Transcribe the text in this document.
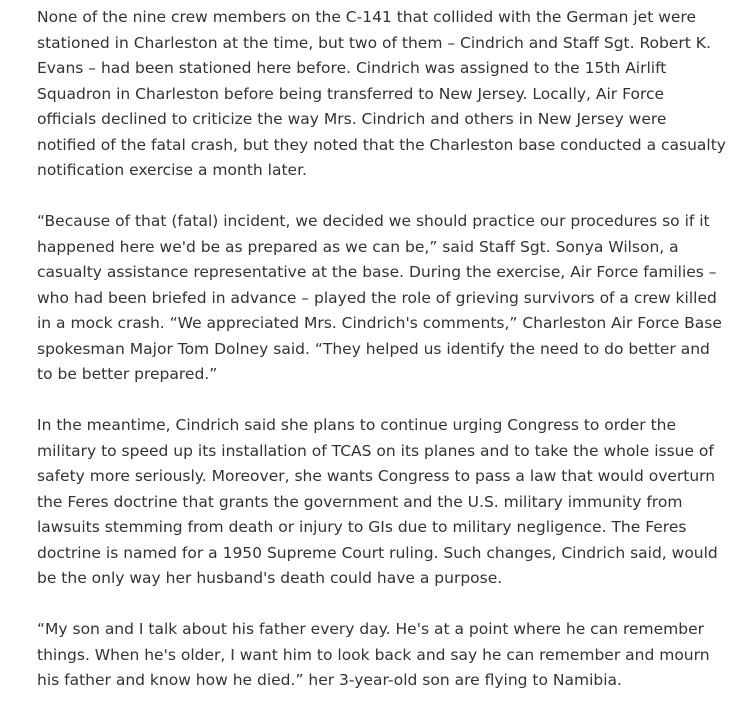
None of the nine crew members on the C-141 that collided with the German jet were stationed in Charleston at the time, but two of them – Cindrich and Staff Sgt. Robert K. Evans – had been stationed here before. Cindrich was assigned to the 15th Airlift Squadron in Charleston before being transferred to New Jersey. Locally, Air Force officials declined to criticize the way Mrs. Cindrich and others in New Jersey were notified of the fatal crash, but they noted that the Charleston base conducted a casualty notification exercise a month later.

“Because of that (fatal) incident, we decided we should practice our procedures so if it happened here we'd be as prepared as we can be,” said Staff Sgt. Sonya Wilson, a casualty assistance representative at the base. During the exercise, Air Force families – who had been briefed in advance – played the role of grieving survivors of a crew killed in a mock crash. “We appreciated Mrs. Cindrich's comments,” Charleston Air Force Base spokesman Major Tom Dolney said. “They helped us identify the need to do better and to be better prepared.”

In the meantime, Cindrich said she plans to continue urging Congress to order the military to speed up its installation of TCAS on its planes and to take the whole issue of safety more seriously. Moreover, she wants Congress to pass a law that would overturn the Feres doctrine that grants the government and the U.S. military immunity from lawsuits stemming from death or injury to GIs due to military negligence. The Feres doctrine is named for a 1950 Supreme Court ruling. Such changes, Cindrich said, would be the only way her husband's death could have a purpose.

“My son and I talk about his father every day. He's at a point where he can remember things. When he's older, I want him to look back and say he can remember and mourn his father and know how he died.” her 3-year-old son are flying to Namibia.
